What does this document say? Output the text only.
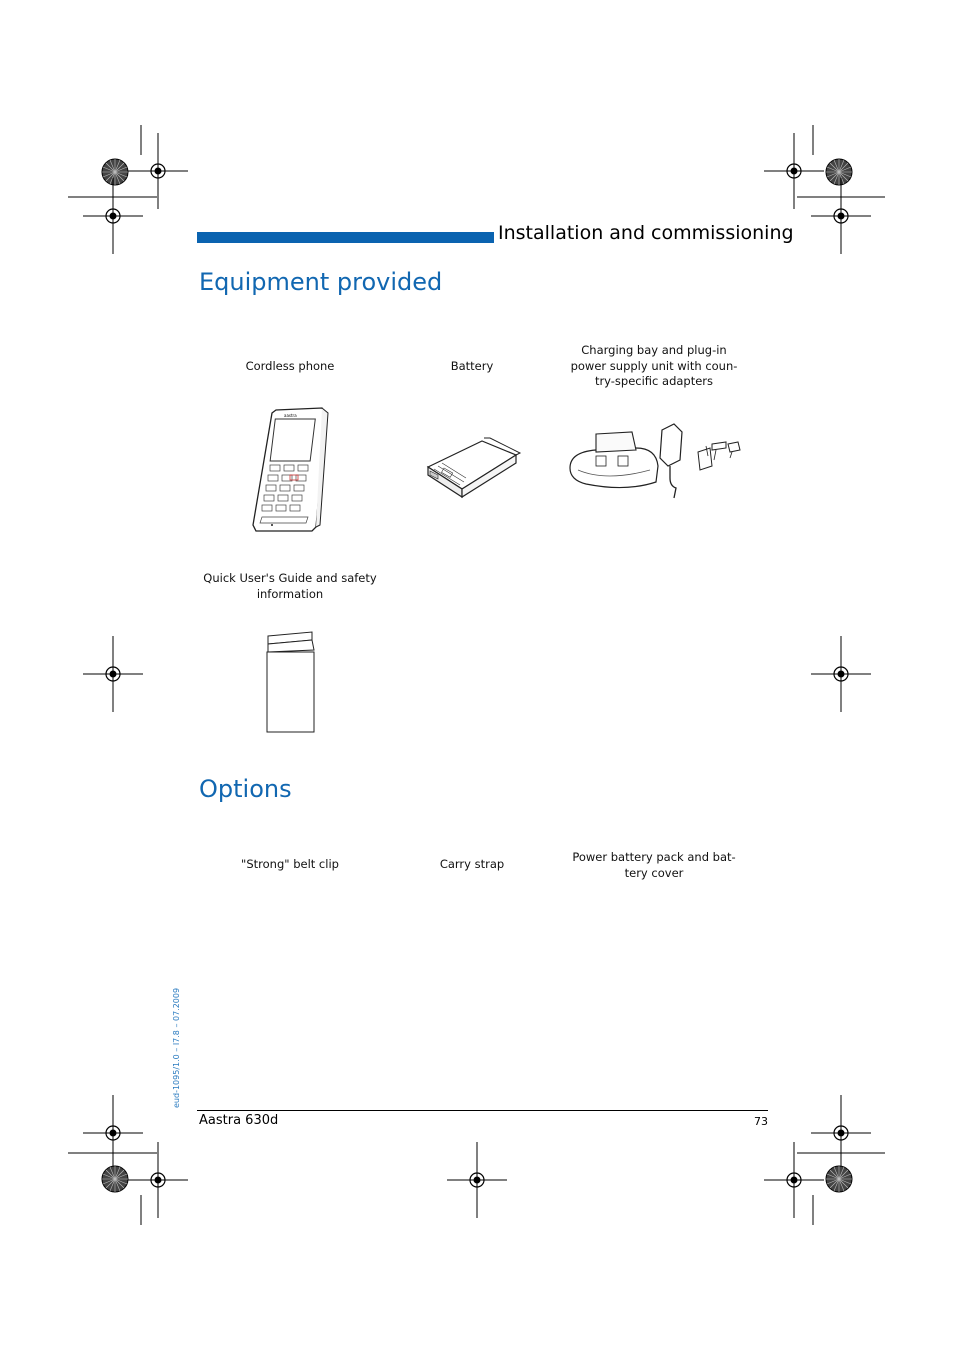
Installation and commissioning
Equipment provided
Cordless phone	Battery
Charging bay and plug-in
power supply unit with coun-
try-specific adapters
aastra
Quick User's Guide and safety
information
Options
"Strong" belt clip	Carry strap	Power battery pack and bat-
tery cover
eud-1095/1.0 – I7.8 – 07.2009
Aastra 630d	73
